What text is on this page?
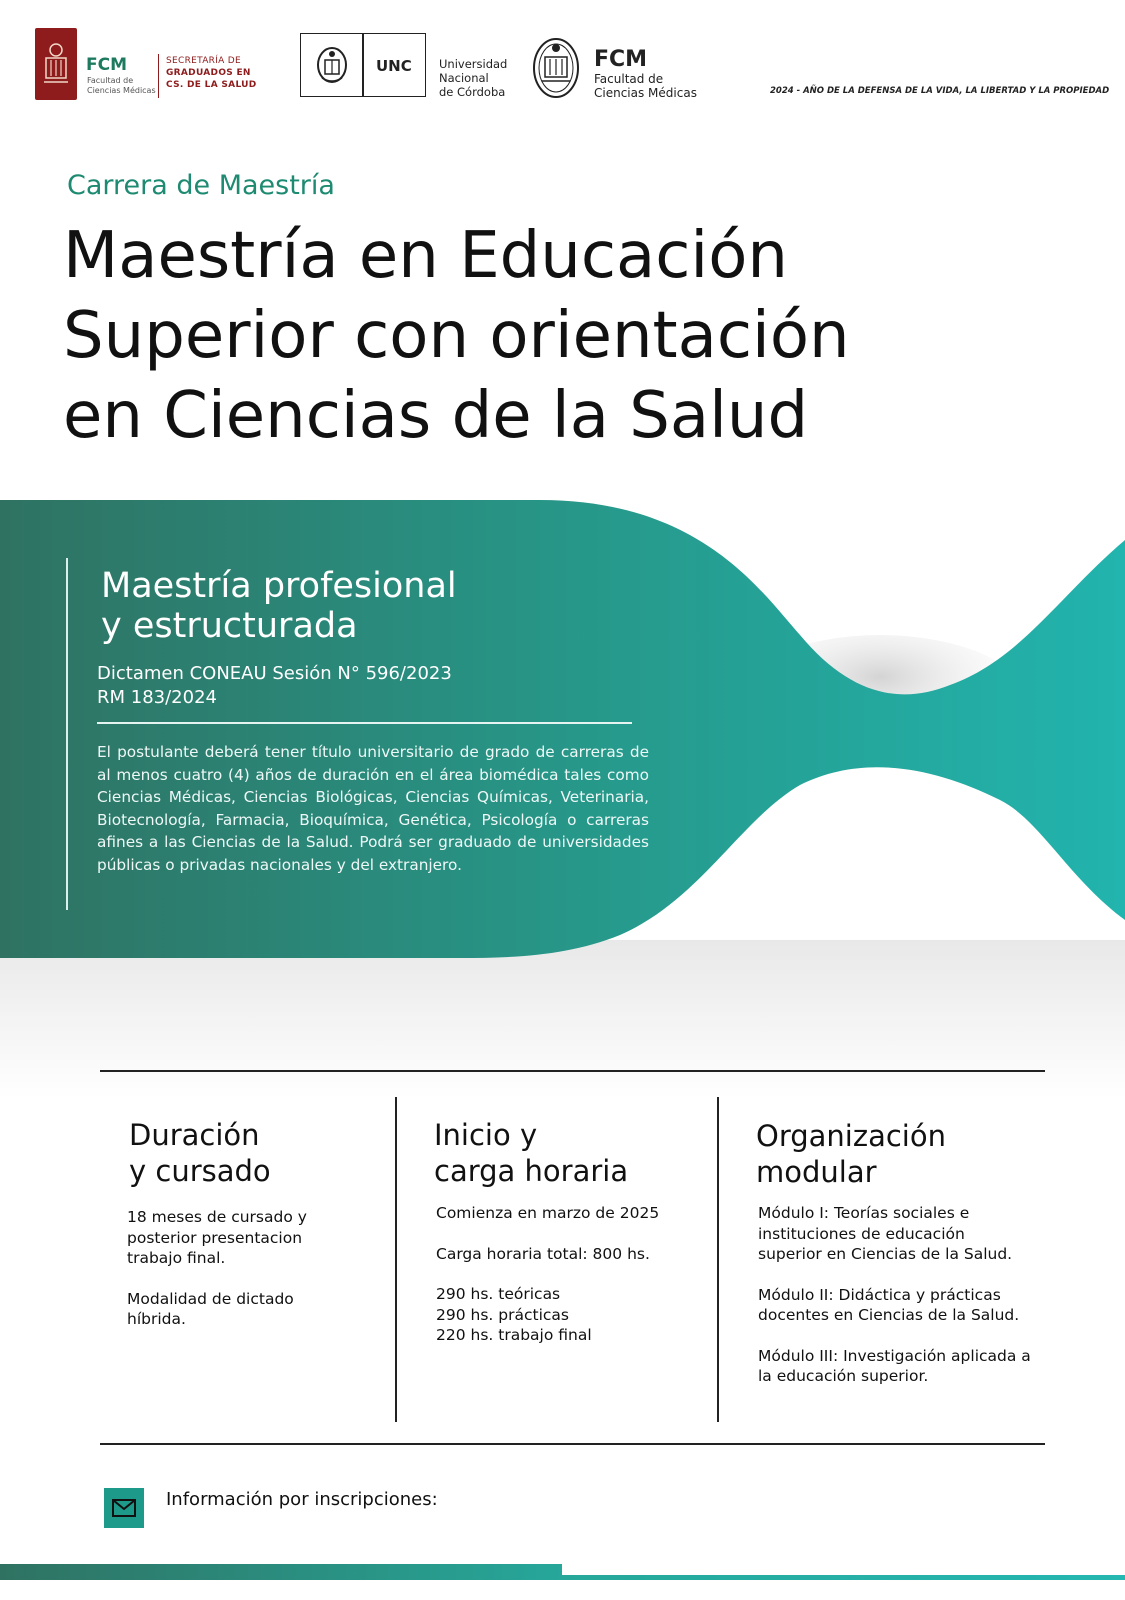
FCM
Facultad de Ciencias Médicas
SECRETARÍA DE
GRADUADOS EN
CS. DE LA SALUD
UNC Universidad
Nacional
de Córdoba
FCM
Facultad de
Ciencias Médicas	2024 - AÑO DE LA DEFENSA DE LA VIDA, LA LIBERTAD Y LA PROPIEDAD
Carrera de Maestría
Maestría en Educación
Superior con orientación
en Ciencias de la Salud
Maestría profesional
y estructurada
Dictamen CONEAU Sesión N° 596/2023
RM 183/2024
El postulante deberá tener título universitario de grado de carreras de al menos cuatro (4) años de duración en el área biomédica tales como Ciencias Médicas, Ciencias Biológicas, Ciencias Químicas, Veterinaria, Biotecnología, Farmacia, Bioquímica, Genética, Psicología o carreras afines a las Ciencias de la Salud. Podrá ser graduado de universidades públicas o privadas nacionales y del extranjero.
Duración
y cursado

18 meses de cursado y posterior presentacion trabajo final.

Modalidad de dictado híbrida.

Inicio y
carga horaria

Comienza en marzo de 2025

Carga horaria total: 800 hs.

290 hs. teóricas
290 hs. prácticas
220 hs. trabajo final
Organización
modular

Módulo I: Teorías sociales e instituciones de educación superior en Ciencias de la Salud.

Módulo II: Didáctica y prácticas docentes en Ciencias de la Salud.

Módulo III: Investigación aplicada a la educación superior.

Información por inscripciones:
